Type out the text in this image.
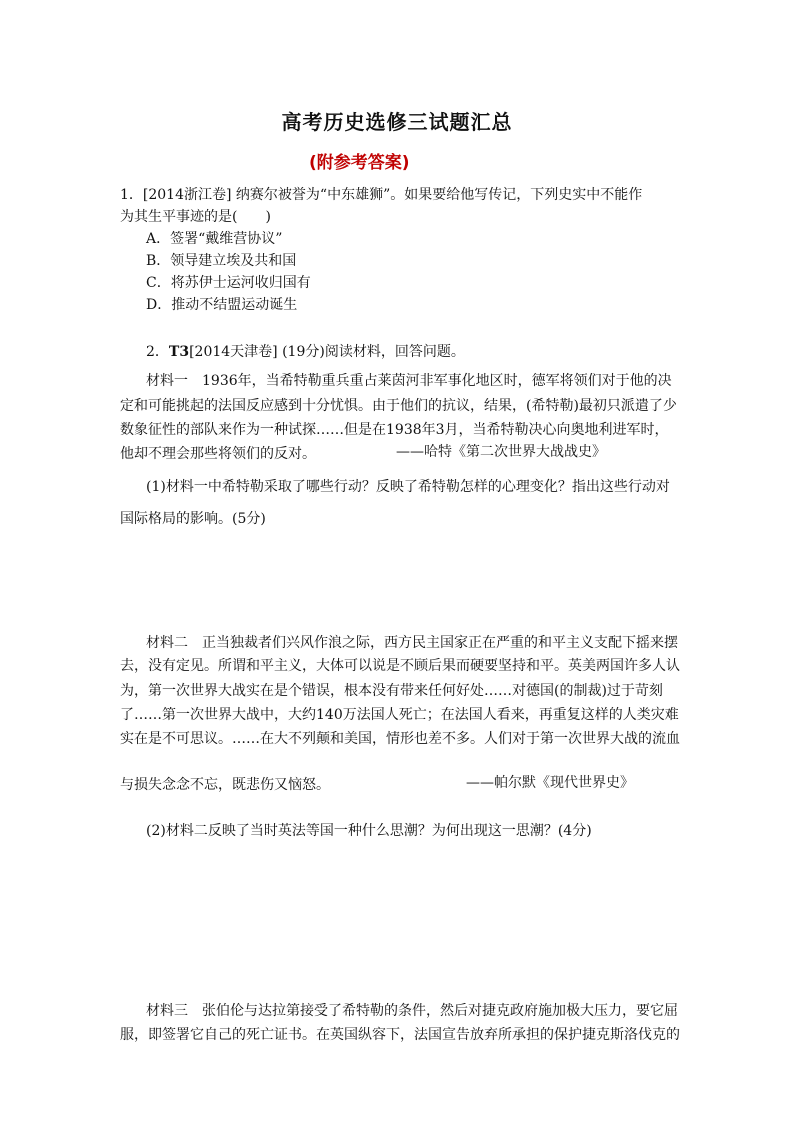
高考历史选修三试题汇总
(附参考答案)
1．[2014浙江卷] 纳赛尔被誉为“中东雄狮”。如果要给他写传记，下列史实中不能作
为其生平事迹的是(　　)
A．签署“戴维营协议”
B．领导建立埃及共和国
C．将苏伊士运河收归国有
D．推动不结盟运动诞生
2．T3[2014天津卷] (19分)阅读材料，回答问题。
材料一　1936年，当希特勒重兵重占莱茵河非军事化地区时，德军将领们对于他的决
定和可能挑起的法国反应感到十分忧惧。由于他们的抗议，结果，(希特勒)最初只派遣了少
数象征性的部队来作为一种试探……但是在1938年3月，当希特勒决心向奥地利进军时，
他却不理会那些将领们的反对。	——哈特《第二次世界大战战史》
(1)材料一中希特勒采取了哪些行动？反映了希特勒怎样的心理变化？指出这些行动对
国际格局的影响。(5分)
材料二　正当独裁者们兴风作浪之际，西方民主国家正在严重的和平主义支配下摇来摆
去，没有定见。所谓和平主义，大体可以说是不顾后果而硬要坚持和平。英美两国许多人认
为，第一次世界大战实在是个错误，根本没有带来任何好处……对德国(的制裁)过于苛刻
了……第一次世界大战中，大约140万法国人死亡；在法国人看来，再重复这样的人类灾难
实在是不可思议。……在大不列颠和美国，情形也差不多。人们对于第一次世界大战的流血
与损失念念不忘，既悲伤又恼怒。	——帕尔默《现代世界史》
(2)材料二反映了当时英法等国一种什么思潮？为何出现这一思潮？(4分)
材料三　张伯伦与达拉第接受了希特勒的条件，然后对捷克政府施加极大压力，要它屈
服，即签署它自己的死亡证书。在英国纵容下，法国宣告放弃所承担的保护捷克斯洛伐克的
